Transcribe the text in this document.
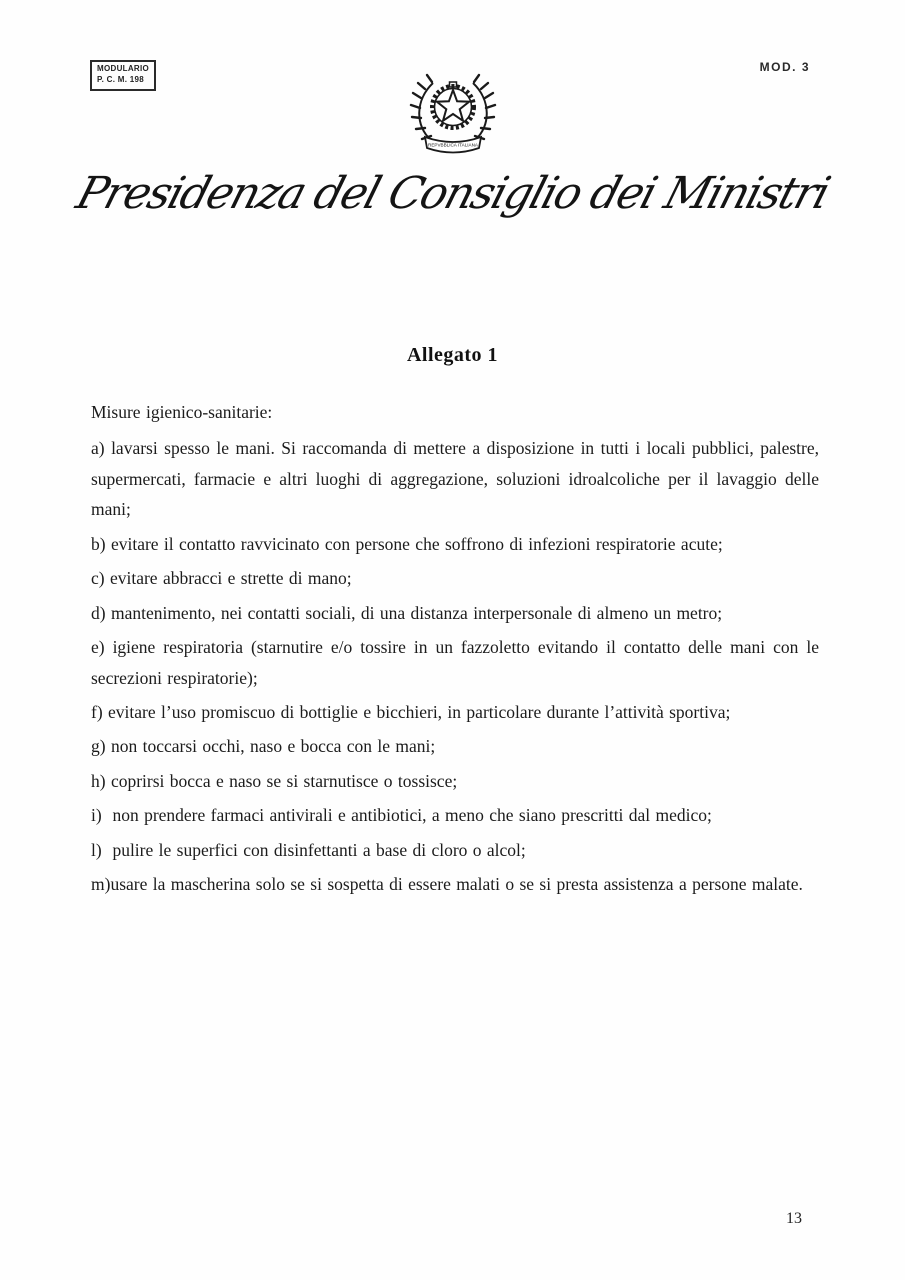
MODULARIO
P. C. M. 198
MOD. 3
REPVBBLICA ITALIANA
Presidenza del Consiglio dei Ministri
Allegato 1

Misure igienico-sanitarie:

a) lavarsi spesso le mani. Si raccomanda di mettere a disposizione in tutti i locali pubblici, palestre, supermercati, farmacie e altri luoghi di aggregazione, soluzioni idroalcoliche per il lavaggio delle mani;

b) evitare il contatto ravvicinato con persone che soffrono di infezioni respiratorie acute;

c) evitare abbracci e strette di mano;

d) mantenimento, nei contatti sociali, di una distanza interpersonale di almeno un metro;

e) igiene respiratoria (starnutire e/o tossire in un fazzoletto evitando il contatto delle mani con le secrezioni respiratorie);

f) evitare l’uso promiscuo di bottiglie e bicchieri, in particolare durante l’attività sportiva;

g) non toccarsi occhi, naso e bocca con le mani;

h) coprirsi bocca e naso se si starnutisce o tossisce;

i)  non prendere farmaci antivirali e antibiotici, a meno che siano prescritti dal medico;

l)  pulire le superfici con disinfettanti a base di cloro o alcol;

m)usare la mascherina solo se si sospetta di essere malati o se si presta assistenza a persone malate.

13
